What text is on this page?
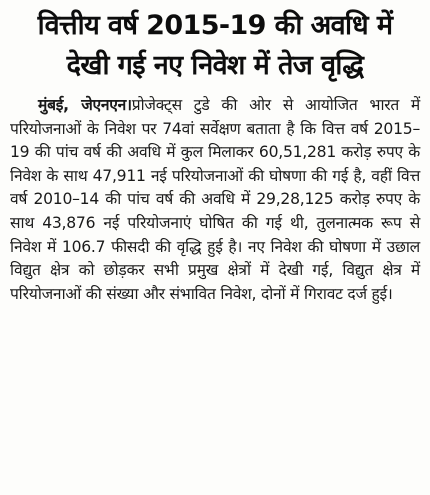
वित्तीय वर्ष 2015-19 की अवधि में
देखी गई नए निवेश में तेज वृद्धि

मुंबई, जेएनएन।प्रोजेक्ट्स टुडे की ओर से आयोजित भारत में परियोजनाओं के निवेश पर 74वां सर्वेक्षण बताता है कि वित्त वर्ष 2015–19 की पांच वर्ष की अवधि में कुल मिलाकर 60,51,281 करोड़ रुपए के निवेश के साथ 47,911 नई परियोजनाओं की घोषणा की गई है, वहीं वित्त वर्ष 2010–14 की पांच वर्ष की अवधि में 29,28,125 करोड़ रुपए के साथ 43,876 नई परियोजनाएं घोषित की गई थी, तुलनात्मक रूप से निवेश में 106.7 फीसदी की वृद्धि हुई है। नए निवेश की घोषणा में उछाल विद्युत क्षेत्र को छोड़कर सभी प्रमुख क्षेत्रों में देखी गई, विद्युत क्षेत्र में परियोजनाओं की संख्या और संभावित निवेश, दोनों में गिरावट दर्ज हुई।
